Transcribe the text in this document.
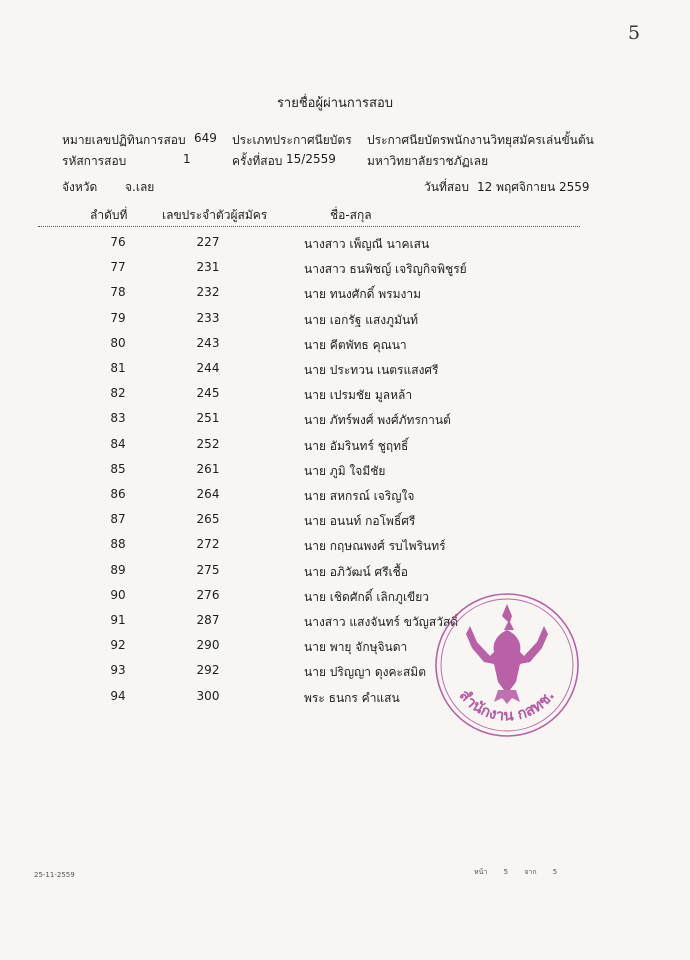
5
รายชื่อผู้ผ่านการสอบ
หมายเลขปฏิทินการสอบ 649 ประเภทประกาศนียบัตร ประกาศนียบัตรพนักงานวิทยุสมัครเล่นขั้นต้น
รหัสการสอบ	1	ครั้งที่สอบ 15/2559	มหาวิทยาลัยราชภัฏเลย
จังหวัด จ.เลย	วันที่สอบ 12 พฤศจิกายน 2559
ลำดับที่	เลขประจำตัวผู้สมัคร	ชื่อ-สกุล
76	227	นางสาว เพ็ญณี นาคเสน
77	231	นางสาว ธนพิชญ์ เจริญกิจพิชูรย์
78	232	นาย ทนงศักดิ์ พรมงาม
79	233	นาย เอกรัฐ แสงภูมันท์
80	243	นาย คีตพัทธ คุณนา
81	244	นาย ประทวน เนตรแสงศรี
82	245	นาย เปรมชัย มูลหล้า
83	251	นาย ภัทร์พงศ์ พงศ์ภัทรกานต์
84	252	นาย อัมรินทร์ ชูฤทธิ์
85	261	นาย ภูมิ ใจมีชัย
86	264	นาย สหกรณ์ เจริญใจ
87	265	นาย อนนท์ กอโพธิ์ศรี
88	272	นาย กฤษณพงศ์ รบไพรินทร์
89	275	นาย อภิวัฒน์ ศรีเชื้อ
90	276	นาย เชิดศักดิ์ เลิกภูเขียว
91	287	นางสาว แสงจันทร์ ขวัญสวัสดิ์
92	290	นาย พายุ จักษุจินดา
93	292	นาย ปริญญา ดุงคะสมิต
94	300	พระ ธนกร คำแสน	สำนักงาน กสทช.
25-11-2559	หน้า 5 จาก 5
